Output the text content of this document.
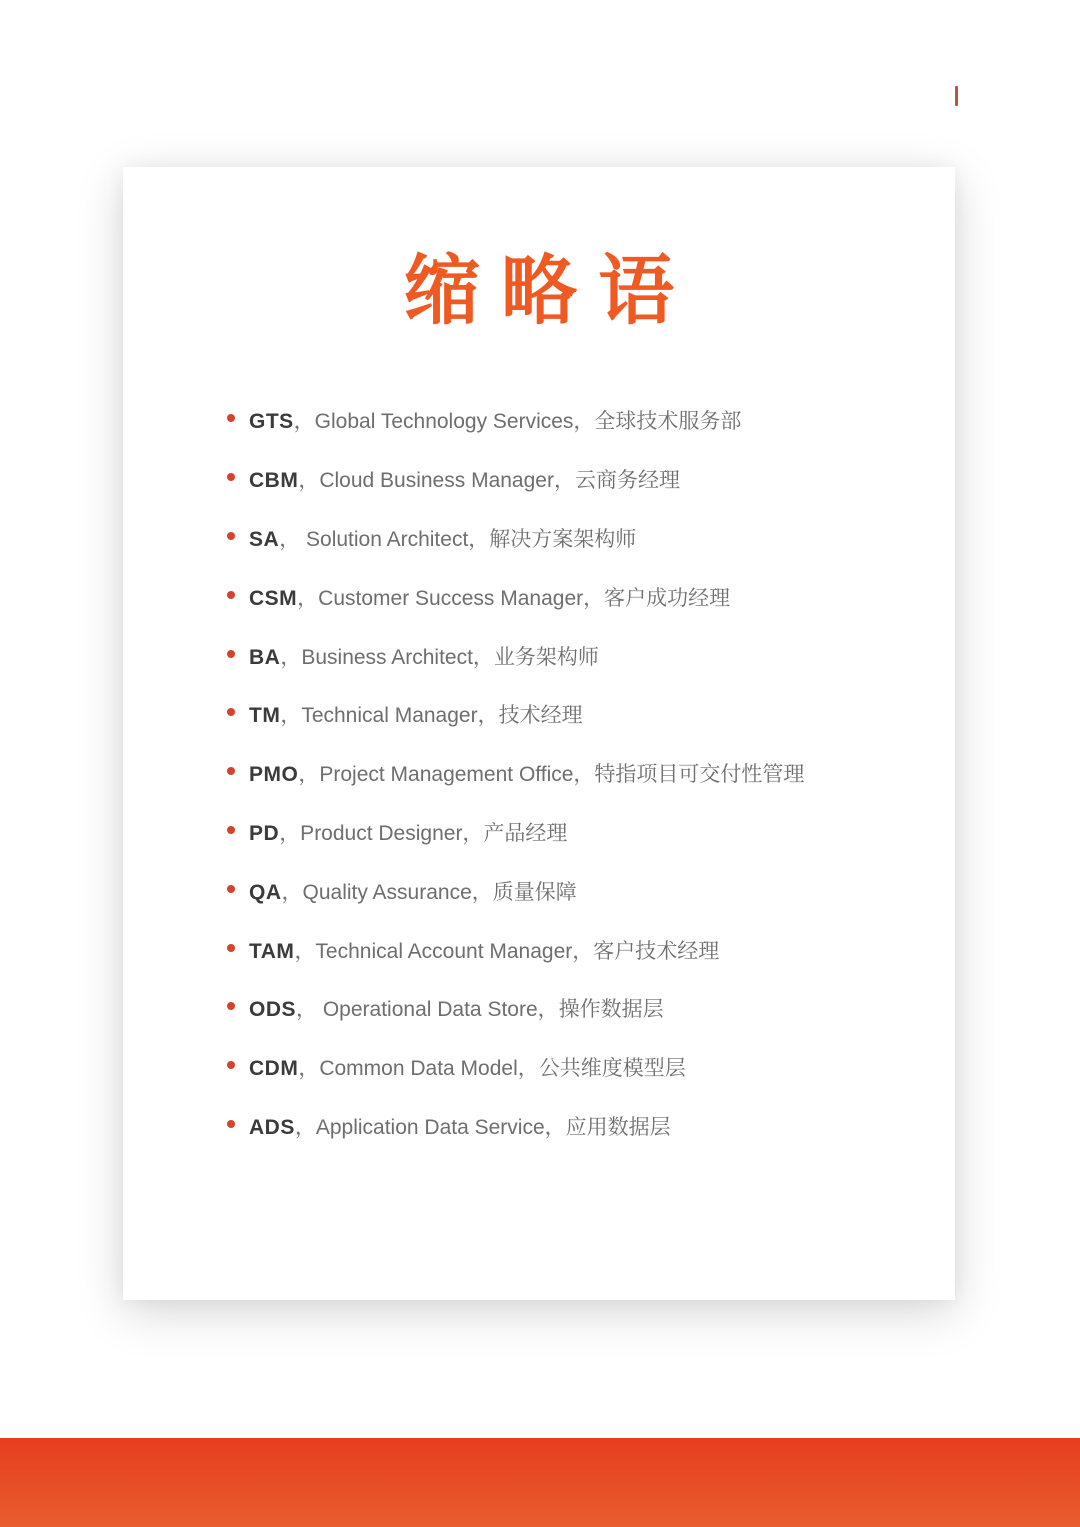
缩 略 语
GTS，Global Technology Services，全球技术服务部
CBM，Cloud Business Manager，云商务经理
SA， Solution Architect，解决方案架构师
CSM，Customer Success Manager，客户成功经理
BA，Business Architect，业务架构师
TM，Technical Manager，技术经理
PMO，Project Management Office，特指项目可交付性管理
PD，Product Designer，产品经理
QA，Quality Assurance，质量保障
TAM，Technical Account Manager，客户技术经理
ODS， Operational Data Store，操作数据层
CDM，Common Data Model，公共维度模型层
ADS，Application Data Service，应用数据层
